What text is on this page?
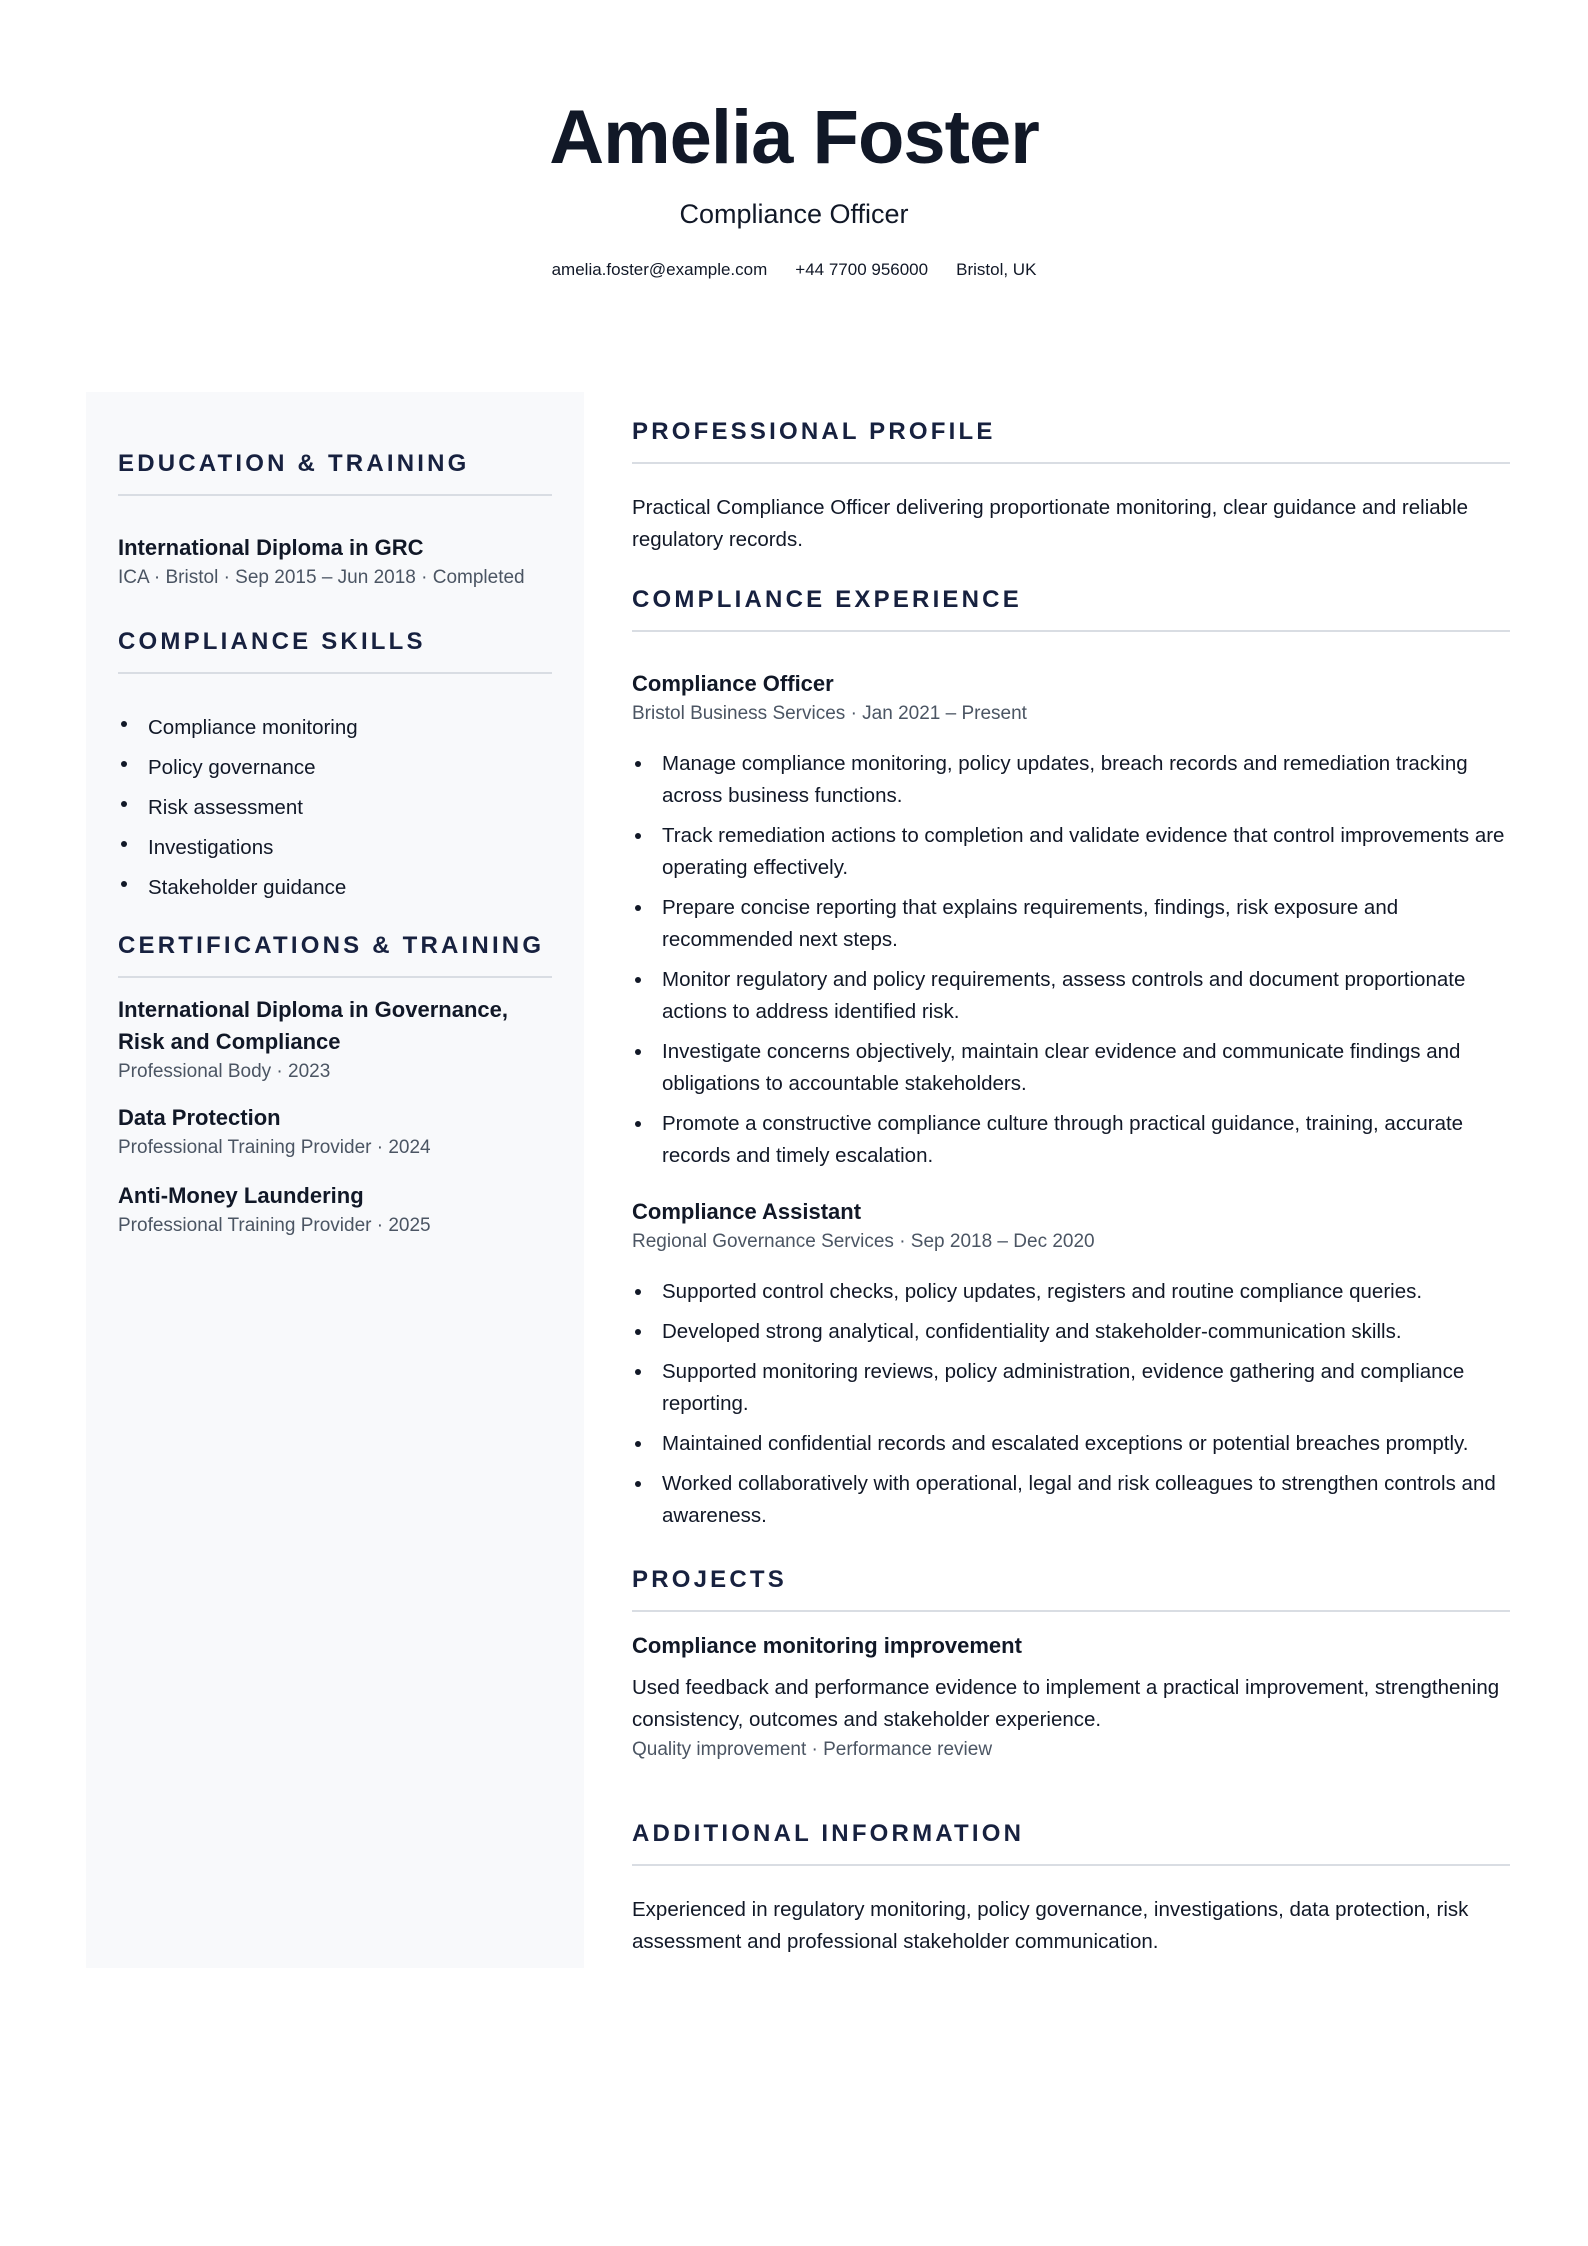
Amelia Foster
Compliance Officer
amelia.foster@example.com +44 7700 956000 Bristol, UK
EDUCATION & TRAINING
International Diploma in GRC
ICA · Bristol · Sep 2015 – Jun 2018 · Completed
COMPLIANCE SKILLS
Compliance monitoring
Policy governance
Risk assessment
Investigations
Stakeholder guidance
CERTIFICATIONS & TRAINING
International Diploma in Governance,
Risk and Compliance
Professional Body · 2023
Data Protection
Professional Training Provider · 2024
Anti-Money Laundering
Professional Training Provider · 2025
PROFESSIONAL PROFILE
Practical Compliance Officer delivering proportionate monitoring, clear guidance and reliable regulatory records.
COMPLIANCE EXPERIENCE
Compliance Officer
Bristol Business Services · Jan 2021 – Present
Manage compliance monitoring, policy updates, breach records and remediation tracking across business functions.
Track remediation actions to completion and validate evidence that control improvements are operating effectively.
Prepare concise reporting that explains requirements, findings, risk exposure and recommended next steps.
Monitor regulatory and policy requirements, assess controls and document proportionate actions to address identified risk.
Investigate concerns objectively, maintain clear evidence and communicate findings and obligations to accountable stakeholders.
Promote a constructive compliance culture through practical guidance, training, accurate records and timely escalation.
Compliance Assistant
Regional Governance Services · Sep 2018 – Dec 2020
Supported control checks, policy updates, registers and routine compliance queries.
Developed strong analytical, confidentiality and stakeholder-communication skills.
Supported monitoring reviews, policy administration, evidence gathering and compliance reporting.
Maintained confidential records and escalated exceptions or potential breaches promptly.
Worked collaboratively with operational, legal and risk colleagues to strengthen controls and awareness.
PROJECTS
Compliance monitoring improvement
Used feedback and performance evidence to implement a practical improvement, strengthening consistency, outcomes and stakeholder experience.
Quality improvement · Performance review
ADDITIONAL INFORMATION
Experienced in regulatory monitoring, policy governance, investigations, data protection, risk assessment and professional stakeholder communication.
